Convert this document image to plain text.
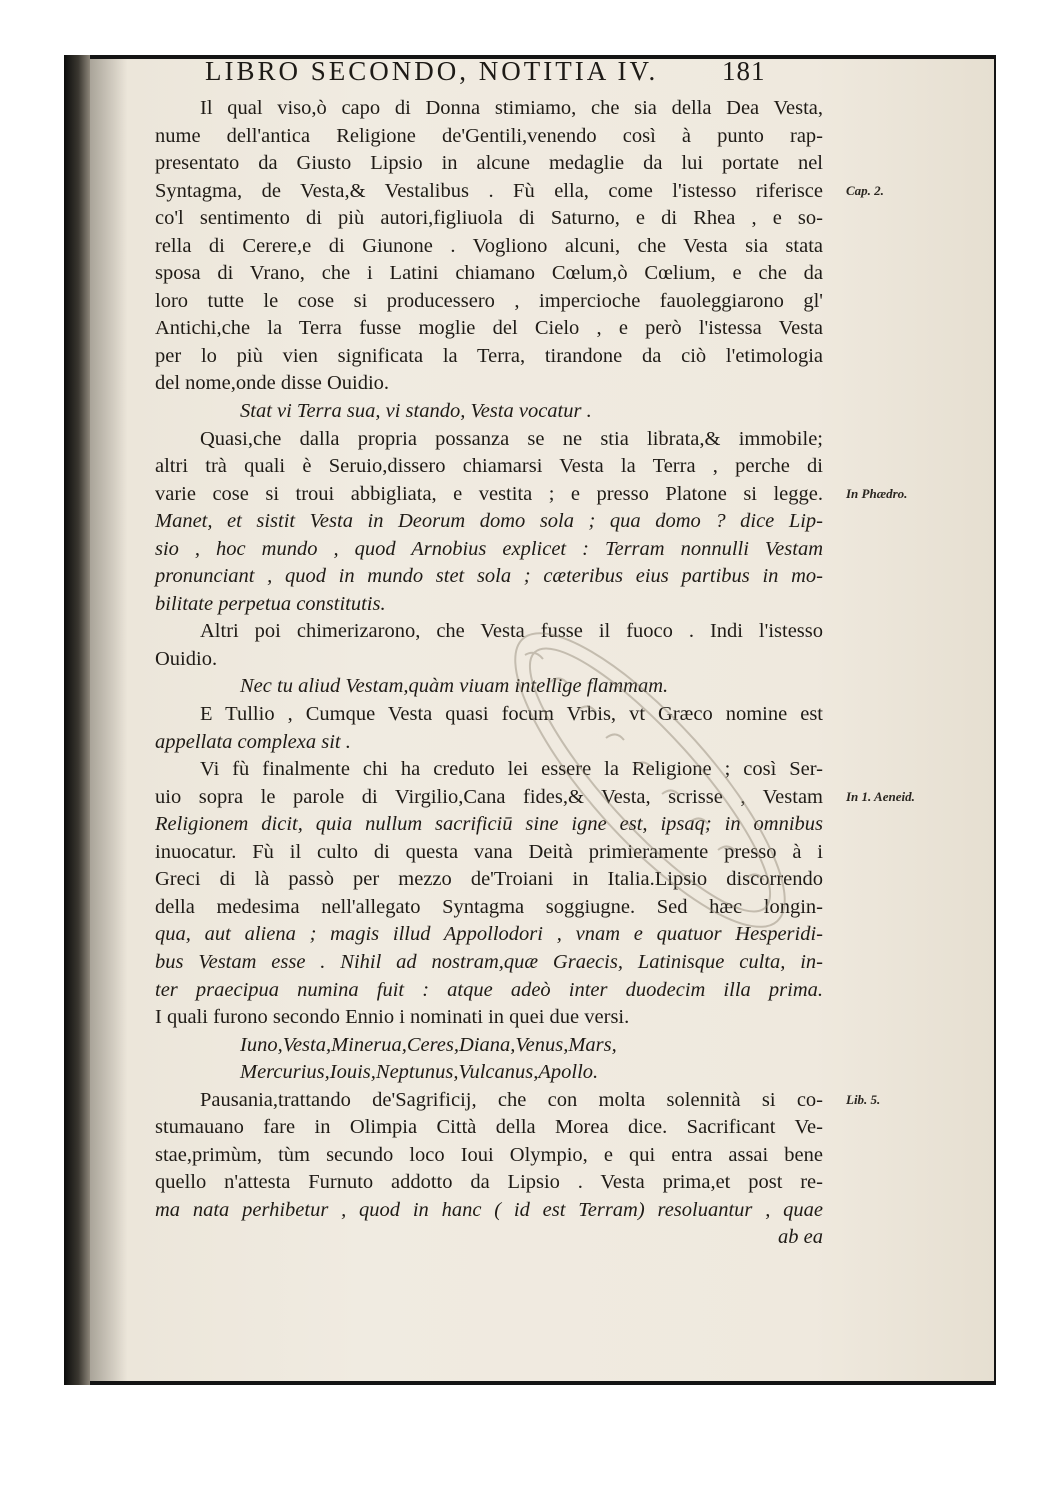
LIBRO SECONDO, NOTITIA IV. 181
Il qual viso,ò capo di Donna stimiamo, che sia della Dea Vesta,
nume dell'antica Religione de'Gentili,venendo così à punto rap-
presentato da Giusto Lipsio in alcune medaglie da lui portate nel
Syntagma, de Vesta,& Vestalibus . Fù ella, come l'istesso riferisce
co'l sentimento di più autori,figliuola di Saturno, e di Rhea , e so-
rella di Cerere,e di Giunone . Vogliono alcuni, che Vesta sia stata
sposa di Vrano, che i Latini chiamano Cœlum,ò Cœlium, e che da
loro tutte le cose si producessero , impercioche fauoleggiarono gl'
Antichi,che la Terra fusse moglie del Cielo , e però l'istessa Vesta
per lo più vien significata la Terra, tirandone da ciò l'etimologia
del nome,onde disse Ouidio.
Stat vi Terra sua, vi stando, Vesta vocatur .
Quasi,che dalla propria possanza se ne stia librata,& immobile;
altri trà quali è Seruio,dissero chiamarsi Vesta la Terra , perche di
varie cose si troui abbigliata, e vestita ; e presso Platone si legge.
Manet, et sistit Vesta in Deorum domo sola ; qua domo ? dice Lip-
sio , hoc mundo , quod Arnobius explicet : Terram nonnulli Vestam
pronunciant , quod in mundo stet sola ; cæteribus eius partibus in mo-
bilitate perpetua constitutis.
Altri poi chimerizarono, che Vesta fusse il fuoco . Indi l'istesso
Ouidio.
Nec tu aliud Vestam,quàm viuam intellige flammam.
E Tullio , Cumque Vesta quasi focum Vrbis, vt Græco nomine est
appellata complexa sit .
Vi fù finalmente chi ha creduto lei essere la Religione ; così Ser-
uio sopra le parole di Virgilio,Cana fides,& Vesta, scrisse , Vestam
Religionem dicit, quia nullum sacrificiū sine igne est, ipsaq; in omnibus
inuocatur. Fù il culto di questa vana Deità primieramente presso à i
Greci di là passò per mezzo de'Troiani in Italia.Lipsio discorrendo
della medesima nell'allegato Syntagma soggiugne. Sed hæc longin-
qua, aut aliena ; magis illud Appollodori , vnam e quatuor Hesperidi-
bus Vestam esse . Nihil ad nostram,quæ Graecis, Latinisque culta, in-
ter praecipua numina fuit : atque adeò inter duodecim illa prima.
I quali furono secondo Ennio i nominati in quei due versi.
Iuno,Vesta,Minerua,Ceres,Diana,Venus,Mars,
Mercurius,Iouis,Neptunus,Vulcanus,Apollo.
Pausania,trattando de'Sagrificij, che con molta solennità si co-
stumauano fare in Olimpia Città della Morea dice. Sacrificant Ve-
stae,primùm, tùm secundo loco Ioui Olympio, e qui entra assai bene
quello n'attesta Furnuto addotto da Lipsio . Vesta prima,et post re-
ma nata perhibetur , quod in hanc ( id est Terram) resoluantur , quae
ab ea
Cap. 2.
In Phædro.
In 1. Aeneid.
Lib. 5.
